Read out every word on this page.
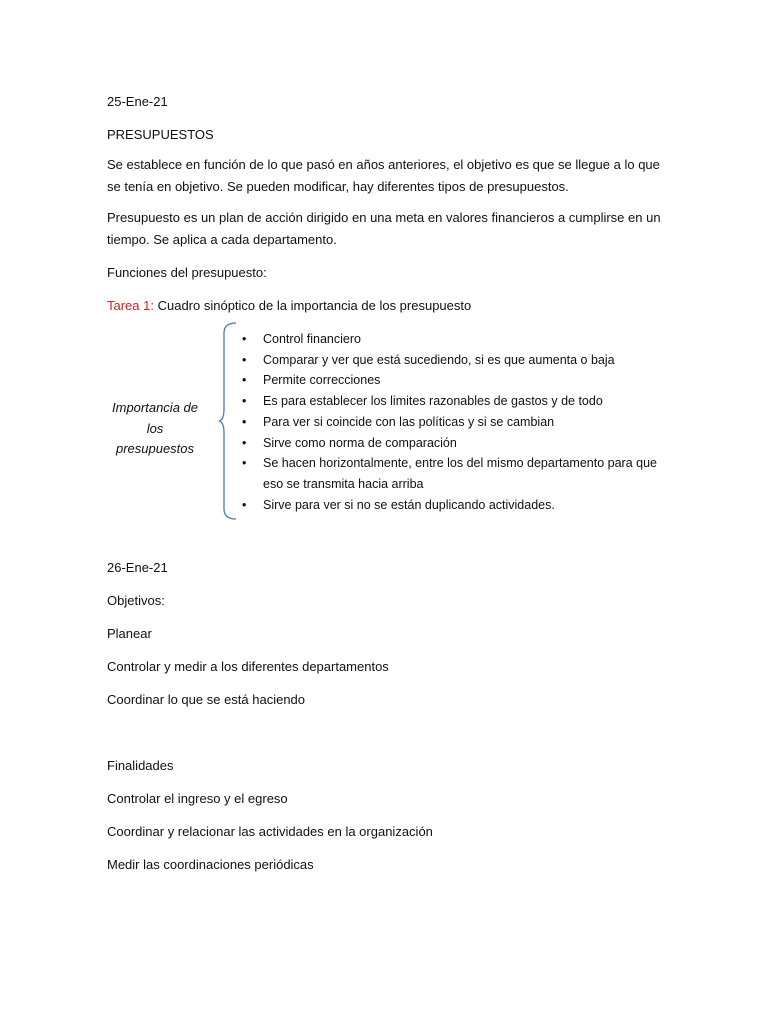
25-Ene-21
PRESUPUESTOS
Se establece en función de lo que pasó en años anteriores, el objetivo es que se llegue a lo que se tenía en objetivo. Se pueden modificar, hay diferentes tipos de presupuestos.
Presupuesto es un plan de acción dirigido en una meta en valores financieros a cumplirse en un tiempo. Se aplica a cada departamento.
Funciones del presupuesto:
Tarea 1: Cuadro sinóptico de la importancia de los presupuesto
Importancia de los presupuestos
• Control financiero
• Comparar y ver que está sucediendo, si es que aumenta o baja
• Permite correcciones
• Es para establecer los limites razonables de gastos y de todo
• Para ver si coincide con las políticas y si se cambian
• Sirve como norma de comparación
• Se hacen horizontalmente, entre los del mismo departamento para que eso se transmita hacia arriba
• Sirve para ver si no se están duplicando actividades.
26-Ene-21
Objetivos:
Planear
Controlar y medir a los diferentes departamentos
Coordinar lo que se está haciendo
Finalidades
Controlar el ingreso y el egreso
Coordinar y relacionar las actividades en la organización
Medir las coordinaciones periódicas
